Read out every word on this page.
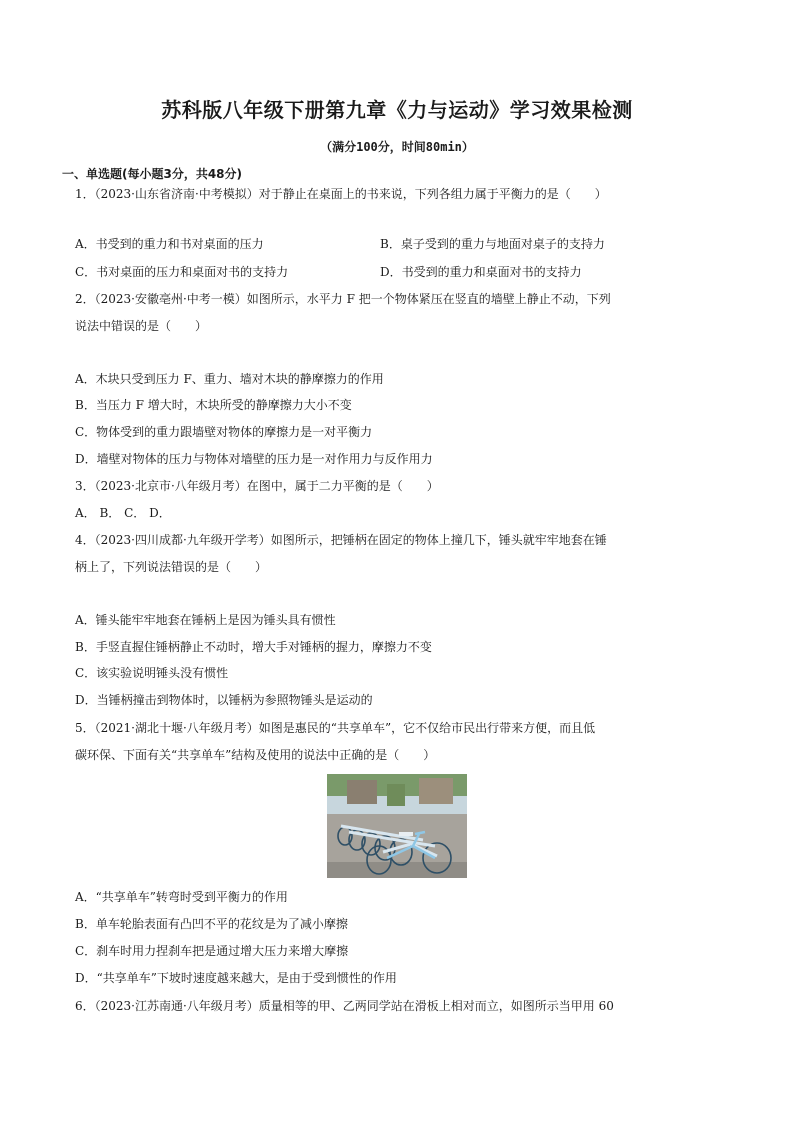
苏科版八年级下册第九章《力与运动》学习效果检测
（满分100分，时间80min）
一、单选题(每小题3分，共48分)
1．（2023·山东省济南·中考模拟）对于静止在桌面上的书来说，下列各组力属于平衡力的是（　　）
A．书受到的重力和书对桌面的压力	B．桌子受到的重力与地面对桌子的支持力
C．书对桌面的压力和桌面对书的支持力	D．书受到的重力和桌面对书的支持力
2．（2023·安徽亳州·中考一模）如图所示，水平力 F 把一个物体紧压在竖直的墙壁上静止不动，下列
说法中错误的是（　　）
A．木块只受到压力 F、重力、墙对木块的静摩擦力的作用
B．当压力 F 增大时，木块所受的静摩擦力大小不变
C．物体受到的重力跟墙壁对物体的摩擦力是一对平衡力
D．墙壁对物体的压力与物体对墙壁的压力是一对作用力与反作用力
3．（2023·北京市·八年级月考）在图中，属于二力平衡的是（　　）
A． B． C． D．
4．（2023·四川成都·九年级开学考）如图所示，把锤柄在固定的物体上撞几下，锤头就牢牢地套在锤
柄上了，下列说法错误的是（　　）
A．锤头能牢牢地套在锤柄上是因为锤头具有惯性
B．手竖直握住锤柄静止不动时，增大手对锤柄的握力，摩擦力不变
C．该实验说明锤头没有惯性
D．当锤柄撞击到物体时，以锤柄为参照物锤头是运动的
5．（2021·湖北十堰·八年级月考）如图是惠民的“共享单车”，它不仅给市民出行带来方便，而且低
碳环保、下面有关“共享单车”结构及使用的说法中正确的是（　　）
A．“共享单车”转弯时受到平衡力的作用
B．单车轮胎表面有凸凹不平的花纹是为了减小摩擦
C．刹车时用力捏刹车把是通过增大压力来增大摩擦
D．“共享单车”下坡时速度越来越大，是由于受到惯性的作用
6．（2023·江苏南通·八年级月考）质量相等的甲、乙两同学站在滑板上相对而立，如图所示当甲用 60
